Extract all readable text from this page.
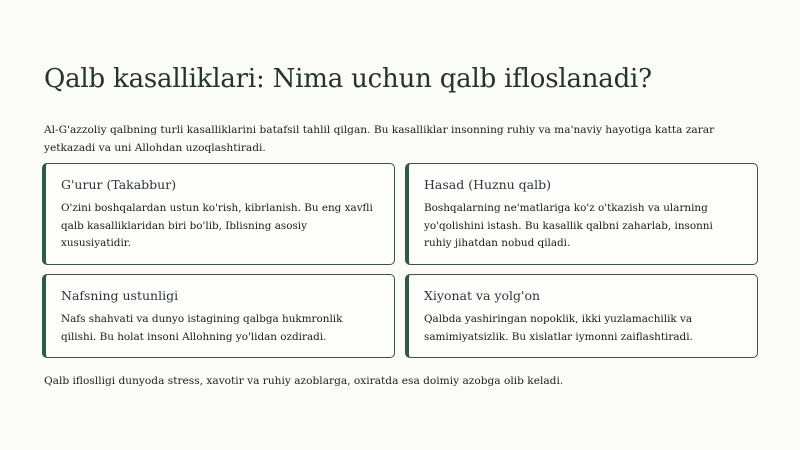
Qalb kasalliklari: Nima uchun qalb ifloslanadi?

Al-G'azzoliy qalbning turli kasalliklarini batafsil tahlil qilgan. Bu kasalliklar insonning ruhiy va ma'naviy hayotiga katta zarar yetkazadi va uni Allohdan uzoqlashtiradi.

G'urur (Takabbur)
O'zini boshqalardan ustun ko'rish, kibrlanish. Bu eng xavfli qalb kasalliklaridan biri bo'lib, Iblisning asosiy xususiyatidir.
Hasad (Huznu qalb)
Boshqalarning ne'matlariga ko'z o'tkazish va ularning yo'qolishini istash. Bu kasallik qalbni zaharlab, insonni ruhiy jihatdan nobud qiladi.
Nafsning ustunligi
Nafs shahvati va dunyo istagining qalbga hukmronlik qilishi. Bu holat insoni Allohning yo'lidan ozdiradi.
Xiyonat va yolg'on
Qalbda yashiringan nopoklik, ikki yuzlamachilik va samimiyatsizlik. Bu xislatlar iymonni zaiflashtiradi.

Qalb ifloslligi dunyoda stress, xavotir va ruhiy azoblarga, oxiratda esa doimiy azobga olib keladi.
